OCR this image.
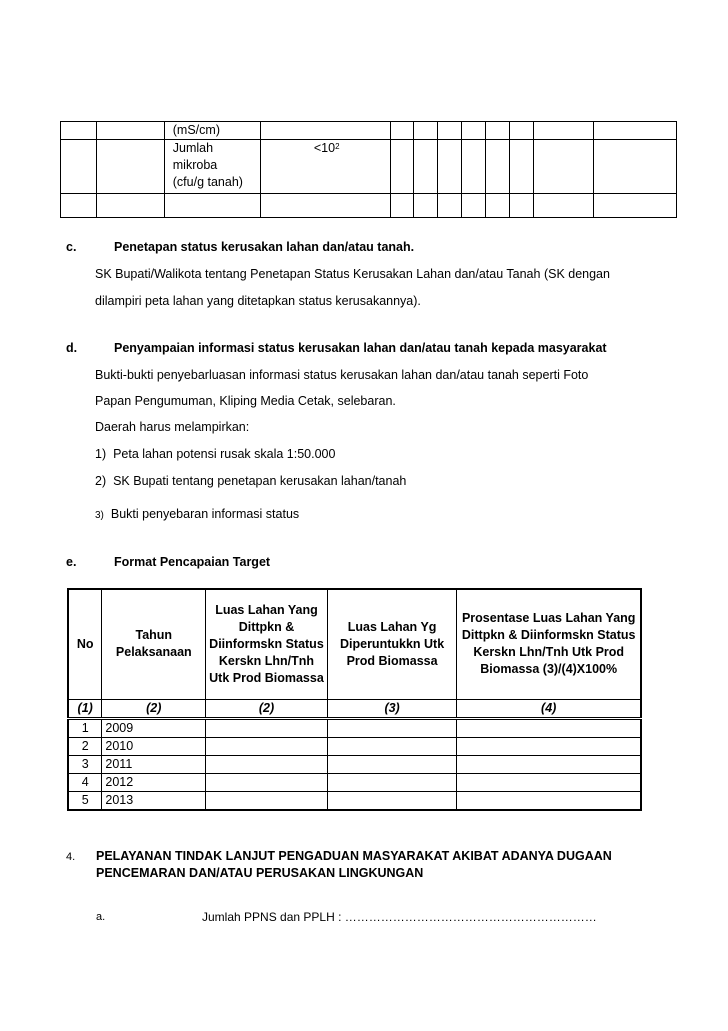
		(mS/cm)									

		Jumlah
mikroba
(cfu/g tanah)	$<10^2$								

c.	Penetapan status kerusakan lahan dan/atau tanah.
SK Bupati/Walikota tentang Penetapan Status Kerusakan Lahan dan/atau Tanah (SK dengan
dilampiri peta lahan yang ditetapkan status kerusakannya).
d.	Penyampaian informasi status kerusakan lahan dan/atau tanah kepada masyarakat
Bukti-bukti penyebarluasan informasi status kerusakan lahan dan/atau tanah seperti Foto
Papan Pengumuman, Kliping Media Cetak, selebaran.
Daerah harus melampirkan:
1) Peta lahan potensi rusak skala 1:50.000
2) SK Bupati tentang penetapan kerusakan lahan/tanah
3) Bukti penyebaran informasi status
e.	Format Pencapaian Target
No	Tahun Pelaksanaan	Luas Lahan Yang Dittpkn & Diinformskn Status Kerskn Lhn/Tnh Utk Prod Biomassa	Luas Lahan Yg Diperuntukkn Utk Prod Biomassa	Prosentase Luas Lahan Yang Dittpkn & Diinformskn Status Kerskn Lhn/Tnh Utk Prod Biomassa (3)/(4)X100%
(1)	(2)	(2)	(3)	(4)
1	2009			
2	2010			
3	2011			
4	2012			
5	2013			
4. PELAYANAN TINDAK LANJUT PENGADUAN MASYARAKAT AKIBAT ADANYA DUGAAN
PENCEMARAN DAN/ATAU PERUSAKAN LINGKUNGAN
a.	Jumlah PPNS dan PPLH : ………………………………………………………
